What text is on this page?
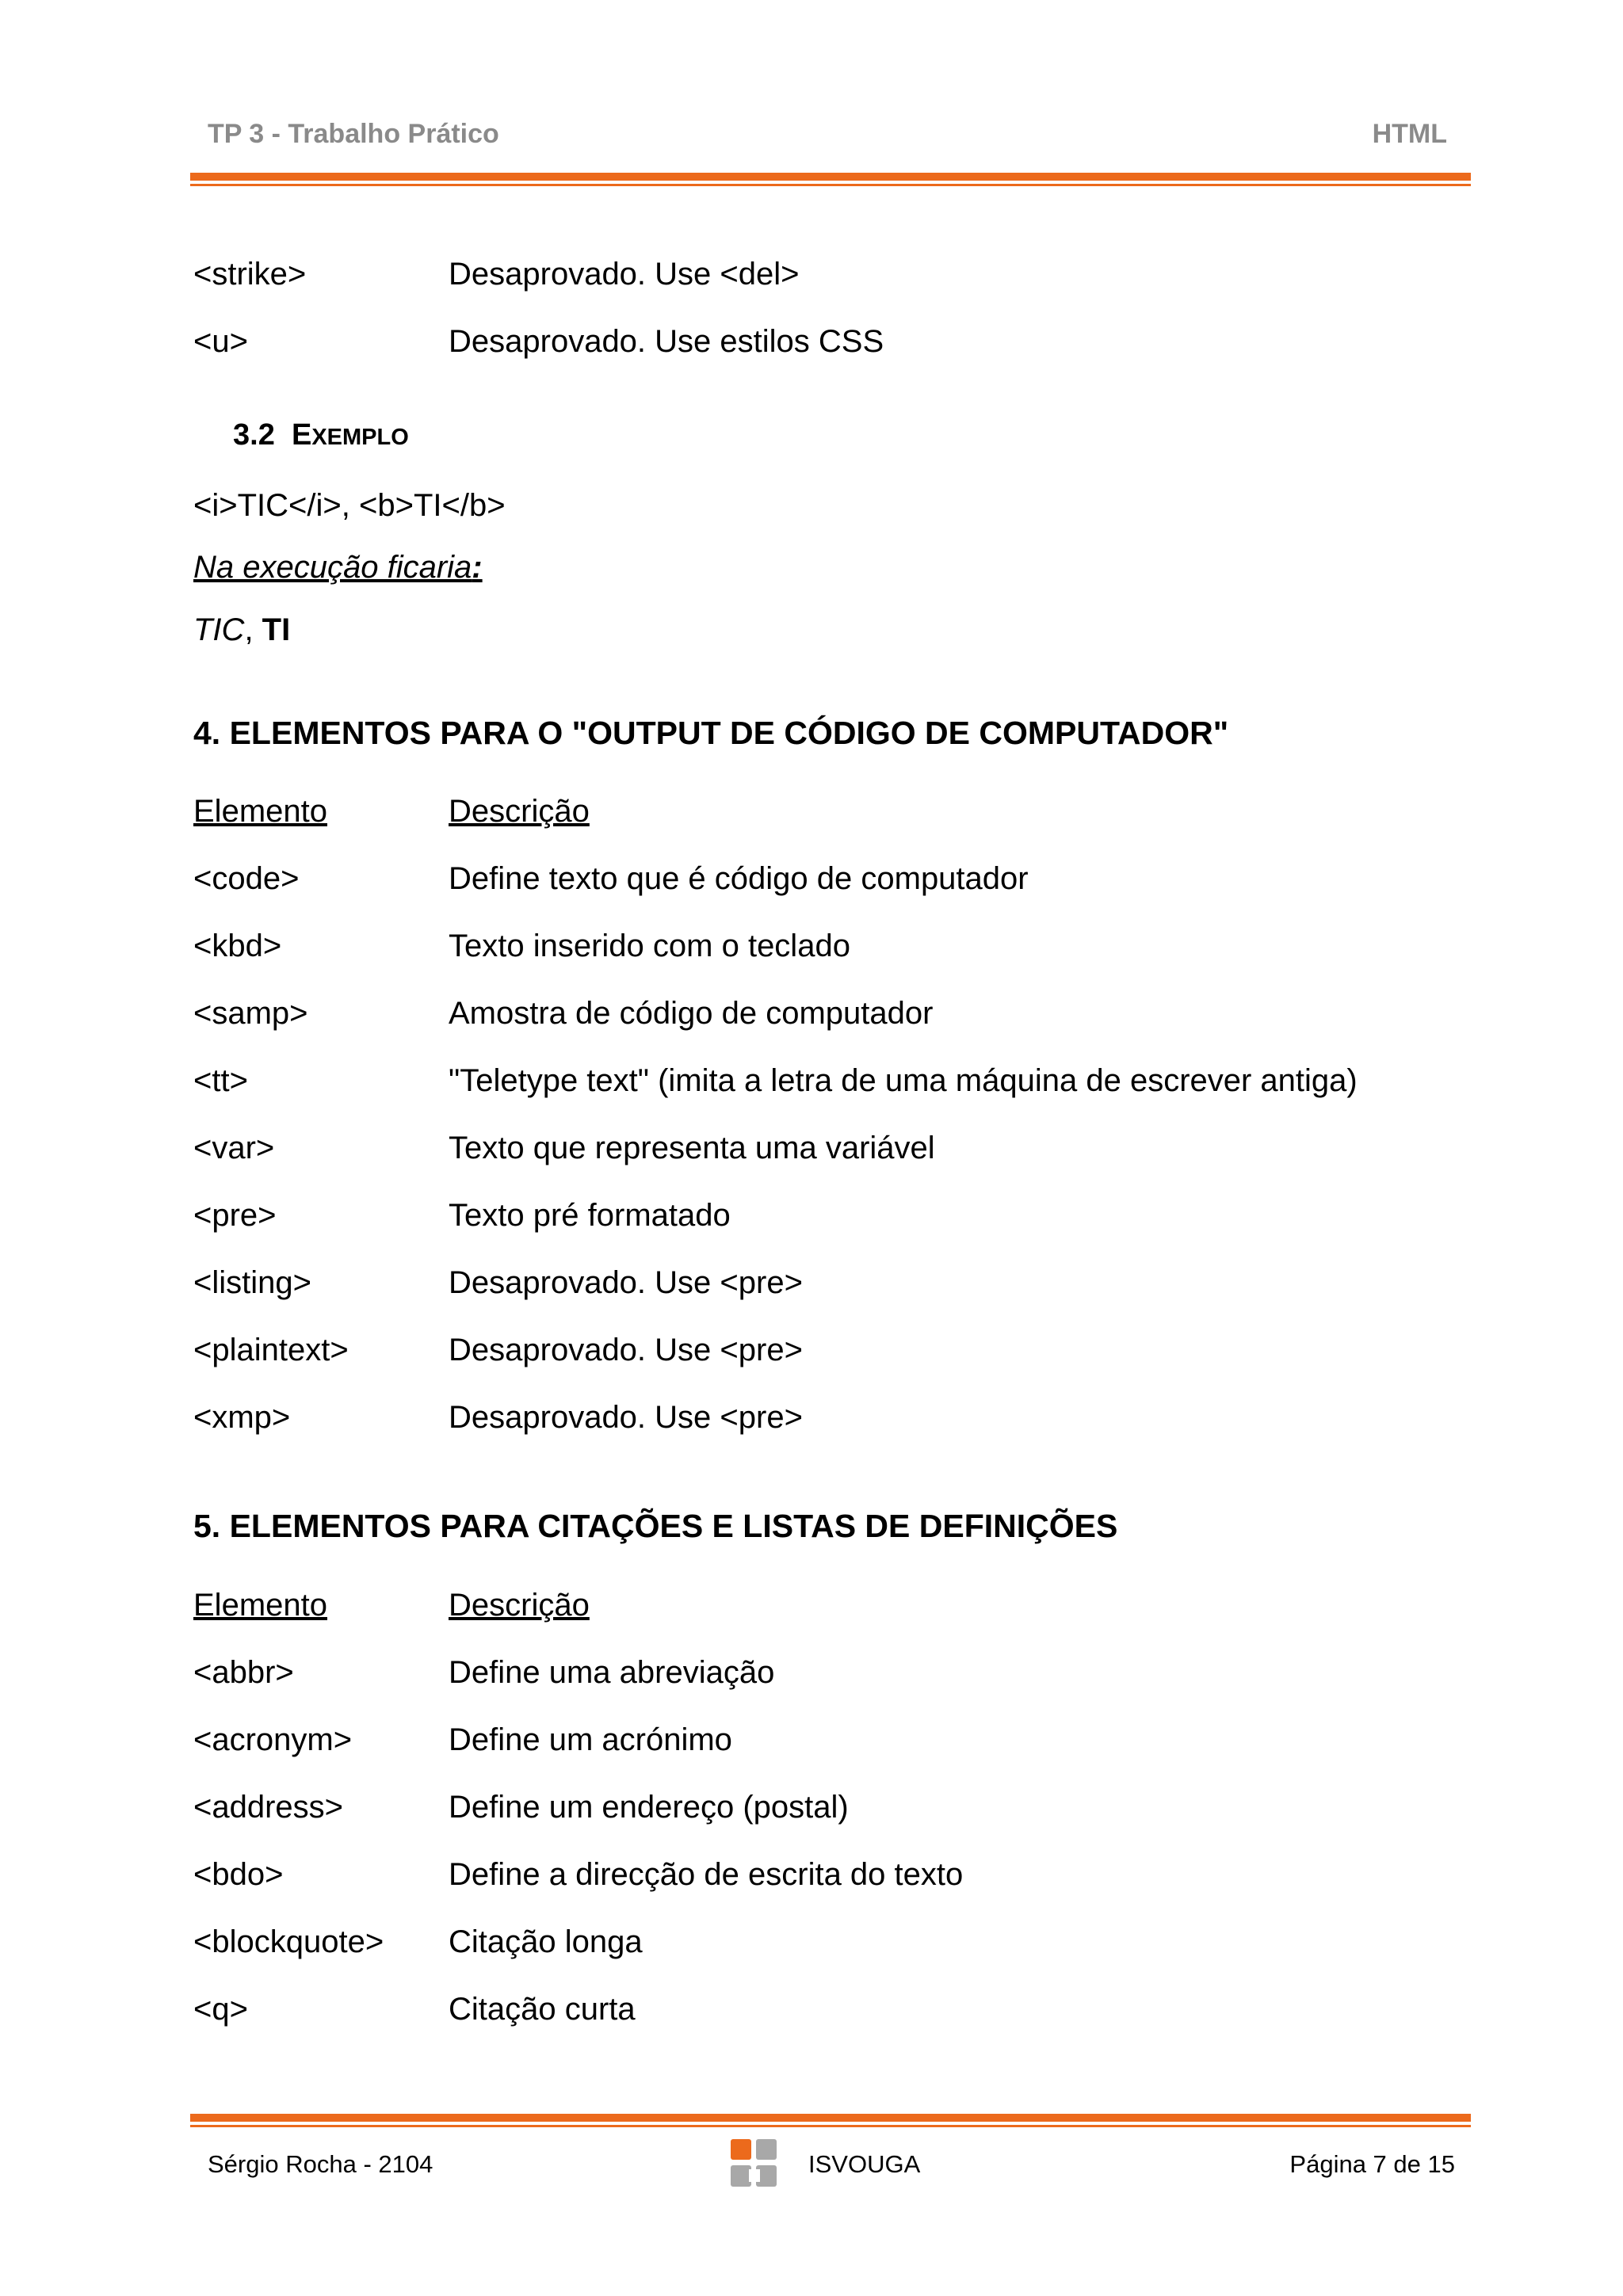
TP 3 - Trabalho Prático	HTML
<strike>	Desaprovado. Use <del>
<u>	Desaprovado. Use estilos CSS
3.2 EXEMPLO
<i>TIC</i>, <b>TI</b>
Na execução ficaria:
TIC, TI
4. ELEMENTOS PARA O "OUTPUT DE CÓDIGO DE COMPUTADOR"
Elemento	Descrição
<code>	Define texto que é código de computador
<kbd>	Texto inserido com o teclado
<samp>	Amostra de código de computador
<tt>	"Teletype text" (imita a letra de uma máquina de escrever antiga)
<var>	Texto que representa uma variável
<pre>	Texto pré formatado
<listing>	Desaprovado. Use <pre>
<plaintext>	Desaprovado. Use <pre>
<xmp>	Desaprovado. Use <pre>
5. ELEMENTOS PARA CITAÇÕES E LISTAS DE DEFINIÇÕES
Elemento	Descrição
<abbr>	Define uma abreviação
<acronym>	Define um acrónimo
<address>	Define um endereço (postal)
<bdo>	Define a direcção de escrita do texto
<blockquote> Citação longa
<q>	Citação curta
Sérgio Rocha - 2104	ISVOUGA	Página 7 de 15
